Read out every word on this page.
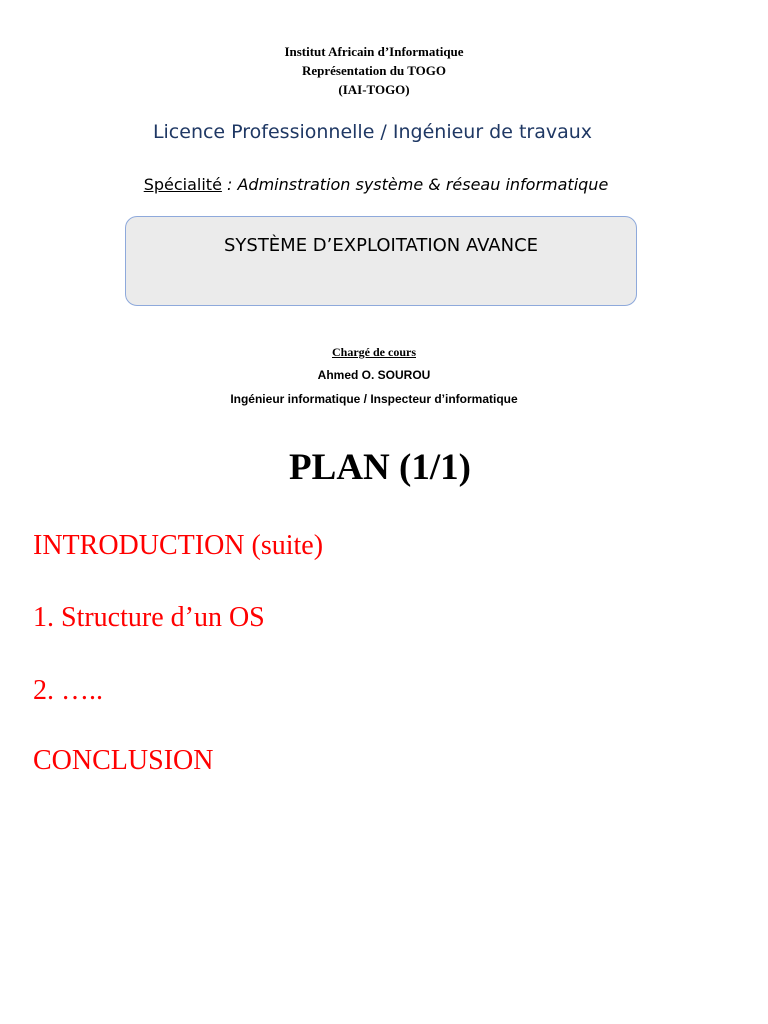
Institut Africain d’Informatique
Représentation du TOGO
(IAI-TOGO)
Licence Professionnelle / Ingénieur de travaux
Spécialité : Adminstration système & réseau informatique
SYSTÈME D’EXPLOITATION AVANCE
Chargé de cours
Ahmed O. SOUROU
Ingénieur informatique / Inspecteur d’informatique
PLAN (1/1)
INTRODUCTION (suite)
1. Structure d’un OS
2. …..
CONCLUSION
